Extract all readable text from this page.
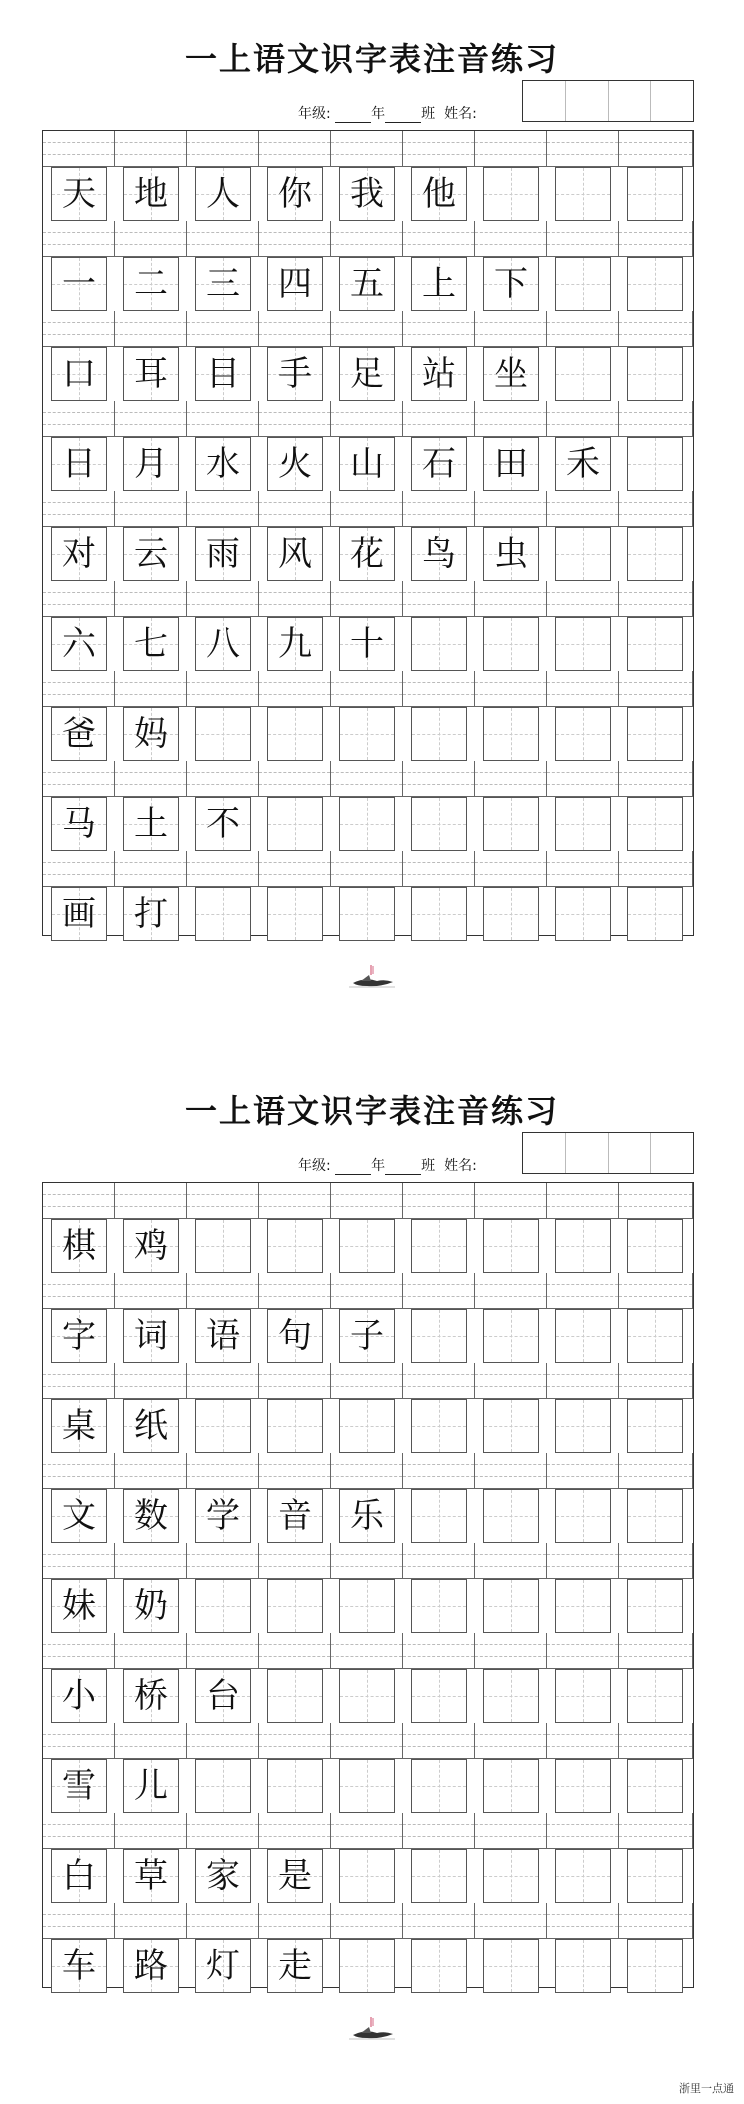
一上语文识字表注音练习
年级:	年	班 姓名:
天 地 人 你 我 他
一 二 三 四 五 上 下
口 耳 目 手 足 站 坐
日 月 水 火 山 石 田 禾
对 云 雨 风 花 鸟 虫
六 七 八 九 十
爸 妈
马 土 不
画 打
一上语文识字表注音练习
年级:	年	班 姓名:
棋 鸡
字 词 语 句 子
桌 纸
文 数 学 音 乐
妹 奶
小 桥 台
雪 儿
白 草 家 是
车 路 灯 走
浙里一点通
